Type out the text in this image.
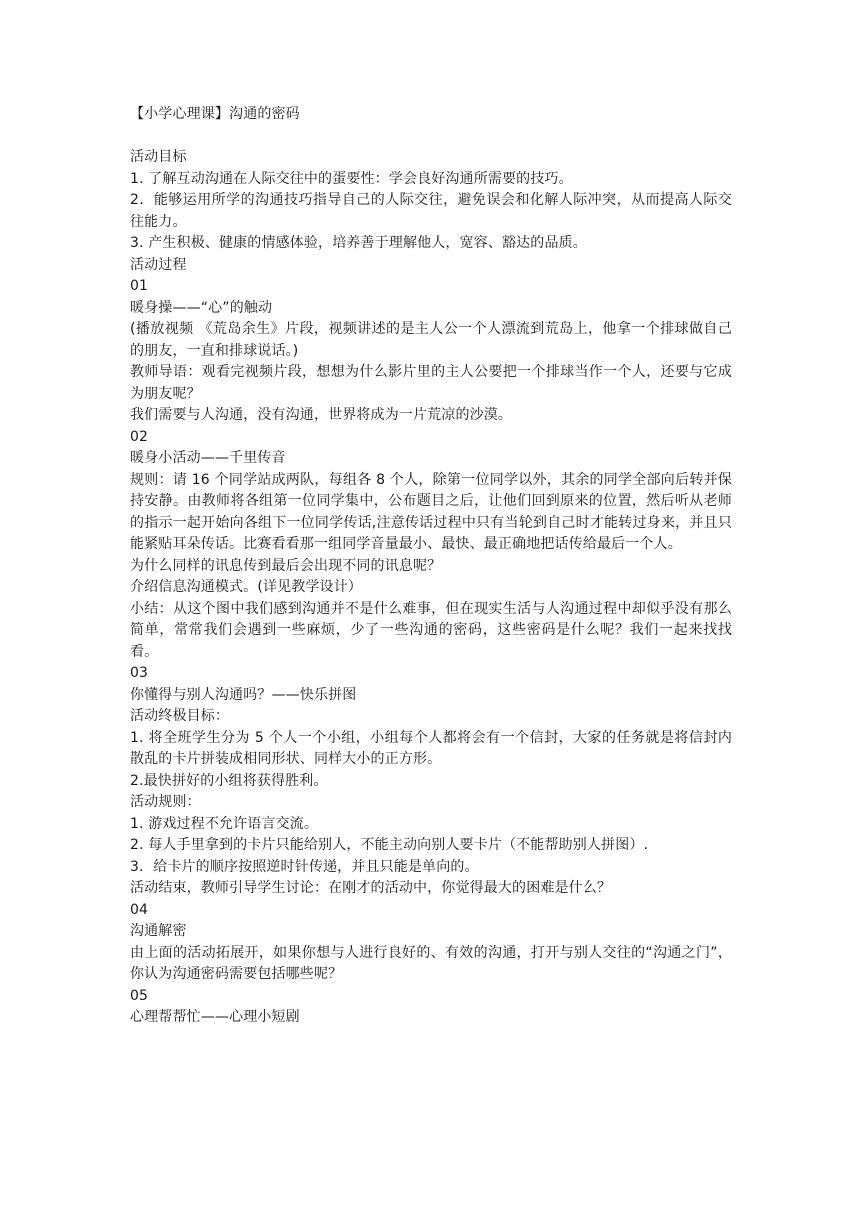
【小学心理课】沟通的密码

活动目标

1. 了解互动沟通在人际交往中的蛋要性：学会良好沟通所需要的技巧。

2．能够运用所学的沟通技巧指导自己的人际交往，避免误会和化解人际冲突，从而提高人际交往能力。

3. 产生积极、健康的情感体验，培养善于理解他人，宽容、豁达的品质。

活动过程

01

暖身操——“心”的触动

(播放视频 《荒岛余生》片段，视频讲述的是主人公一个人漂流到荒岛上，他拿一个排球做自己的朋友，一直和排球说话。)

教师导语：观看完视频片段，想想为什么影片里的主人公要把一个排球当作一个人，还要与它成为朋友呢？

我们需要与人沟通，没有沟通，世界将成为一片荒凉的沙漠。

02

暖身小活动——千里传音

规则：请 16 个同学站成两队，每组各 8 个人，除第一位同学以外，其余的同学全部向后转并保持安静。由教师将各组第一位同学集中，公布题目之后，让他们回到原来的位置，然后听从老师的指示一起开始向各组下一位同学传话,注意传话过程中只有当轮到自己时才能转过身来，并且只能紧贴耳朵传话。比赛看看那一组同学音量最小、最快、最正确地把话传给最后一个人。

为什么同样的讯息传到最后会出现不同的讯息呢？

介绍信息沟通模式。(详见教学设计）

小结：从这个图中我们感到沟通并不是什么难事，但在现实生活与人沟通过程中却似乎没有那么简单，常常我们会遇到一些麻烦，少了一些沟通的密码，这些密码是什么呢？我们一起来找找看。

03

你懂得与别人沟通吗？——快乐拼图

活动终极目标：

1. 将全班学生分为 5 个人一个小组，小组每个人都将会有一个信封，大家的任务就是将信封内散乱的卡片拼装成相同形状、同样大小的正方形。

2.最快拼好的小组将获得胜利。

活动规则：

1. 游戏过程不允许语言交流。

2. 每人手里拿到的卡片只能给别人，不能主动向别人要卡片（不能帮助别人拼图）.

3．给卡片的顺序按照逆时针传递，并且只能是单向的。

活动结束，教师引导学生讨论：在刚才的活动中，你觉得最大的困难是什么？

04

沟通解密

由上面的活动拓展开，如果你想与人进行良好的、有效的沟通，打开与别人交往的“沟通之门”，你认为沟通密码需要包括哪些呢？

05

心理帮帮忙——心理小短剧
